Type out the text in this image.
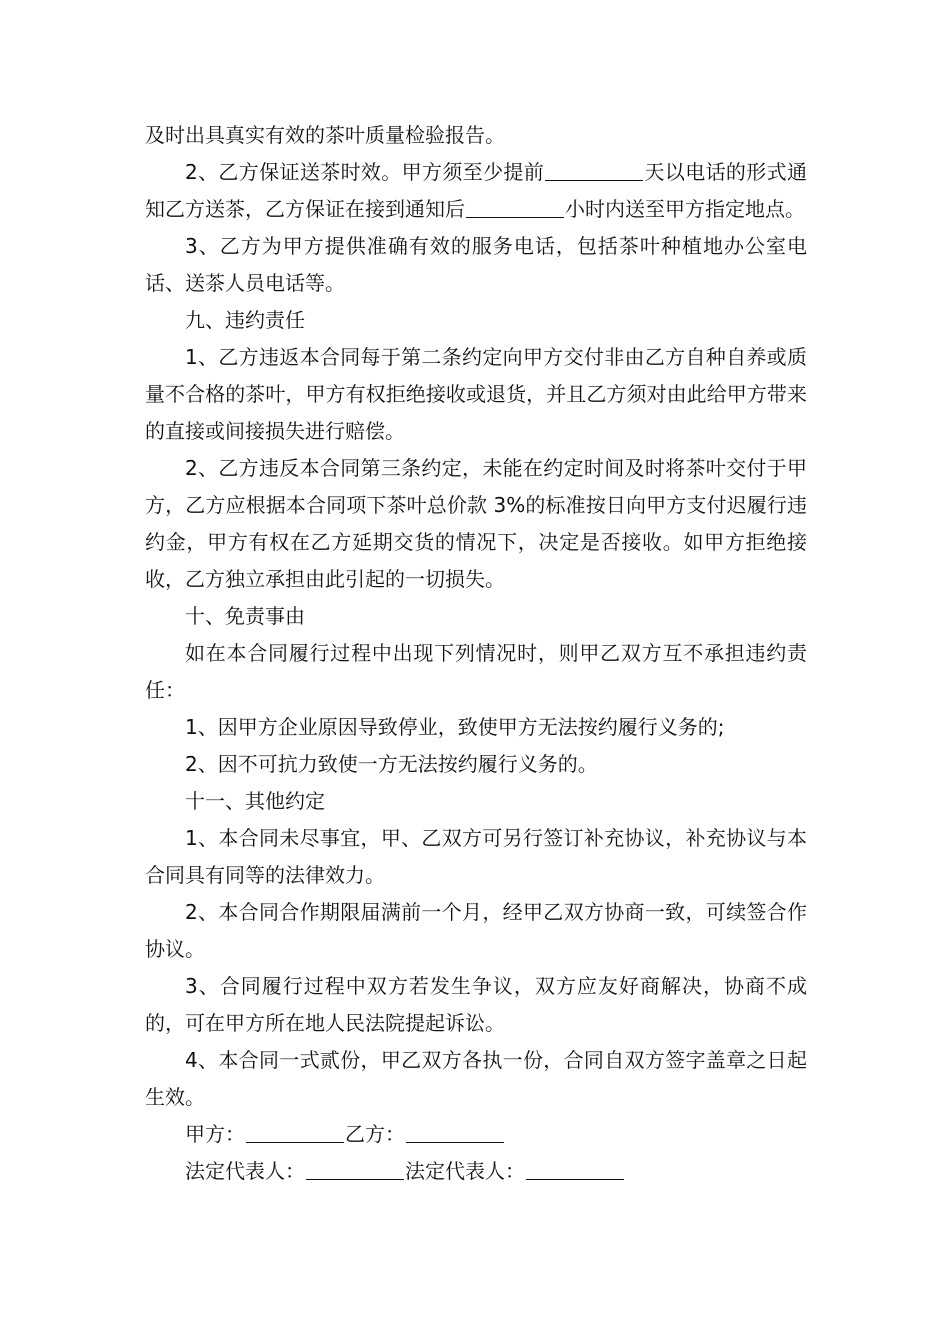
及时出具真实有效的茶叶质量检验报告。

2、乙方保证送茶时效。甲方须至少提前	天以电话的形式通知乙方送茶，乙方保证在接到通知后	小时内送至甲方指定地点。

3、乙方为甲方提供准确有效的服务电话，包括茶叶种植地办公室电话、送茶人员电话等。

九、违约责任

1、乙方违返本合同每于第二条约定向甲方交付非由乙方自种自养或质量不合格的茶叶，甲方有权拒绝接收或退货，并且乙方须对由此给甲方带来的直接或间接损失进行赔偿。

2、乙方违反本合同第三条约定，未能在约定时间及时将茶叶交付于甲方，乙方应根据本合同项下茶叶总价款 3%的标准按日向甲方支付迟履行违约金，甲方有权在乙方延期交货的情况下，决定是否接收。如甲方拒绝接收，乙方独立承担由此引起的一切损失。

十、免责事由

如在本合同履行过程中出现下列情况时，则甲乙双方互不承担违约责任：

1、因甲方企业原因导致停业，致使甲方无法按约履行义务的;

2、因不可抗力致使一方无法按约履行义务的。

十一、其他约定

1、本合同未尽事宜，甲、乙双方可另行签订补充协议，补充协议与本合同具有同等的法律效力。

2、本合同合作期限届满前一个月，经甲乙双方协商一致，可续签合作协议。

3、合同履行过程中双方若发生争议，双方应友好商解决，协商不成的，可在甲方所在地人民法院提起诉讼。

4、本合同一式贰份，甲乙双方各执一份，合同自双方签字盖章之日起生效。

甲方：	乙方：

法定代表人：	法定代表人：
